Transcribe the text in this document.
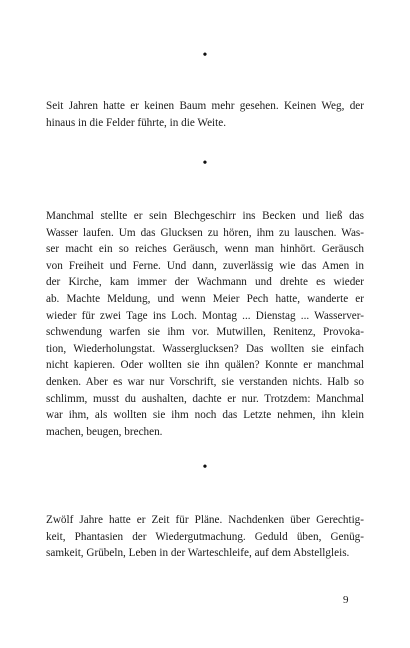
•
Seit Jahren hatte er keinen Baum mehr gesehen. Keinen Weg, der
hinaus in die Felder führte, in die Weite.
•
Manchmal stellte er sein Blechgeschirr ins Becken und ließ das
Wasser laufen. Um das Glucksen zu hören, ihm zu lauschen. Was-
ser macht ein so reiches Geräusch, wenn man hinhört. Geräusch
von Freiheit und Ferne. Und dann, zuverlässig wie das Amen in
der Kirche, kam immer der Wachmann und drehte es wieder
ab. Machte Meldung, und wenn Meier Pech hatte, wanderte er
wieder für zwei Tage ins Loch. Montag ... Dienstag ... Wasserver-
schwendung warfen sie ihm vor. Mutwillen, Renitenz, Provoka-
tion, Wiederholungstat. Wasserglucksen? Das wollten sie einfach
nicht kapieren. Oder wollten sie ihn quälen? Konnte er manchmal
denken. Aber es war nur Vorschrift, sie verstanden nichts. Halb so
schlimm, musst du aushalten, dachte er nur. Trotzdem: Manchmal
war ihm, als wollten sie ihm noch das Letzte nehmen, ihn klein
machen, beugen, brechen.
•
Zwölf Jahre hatte er Zeit für Pläne. Nachdenken über Gerechtig-
keit, Phantasien der Wiedergutmachung. Geduld üben, Genüg-
samkeit, Grübeln, Leben in der Warteschleife, auf dem Abstellgleis.
9
